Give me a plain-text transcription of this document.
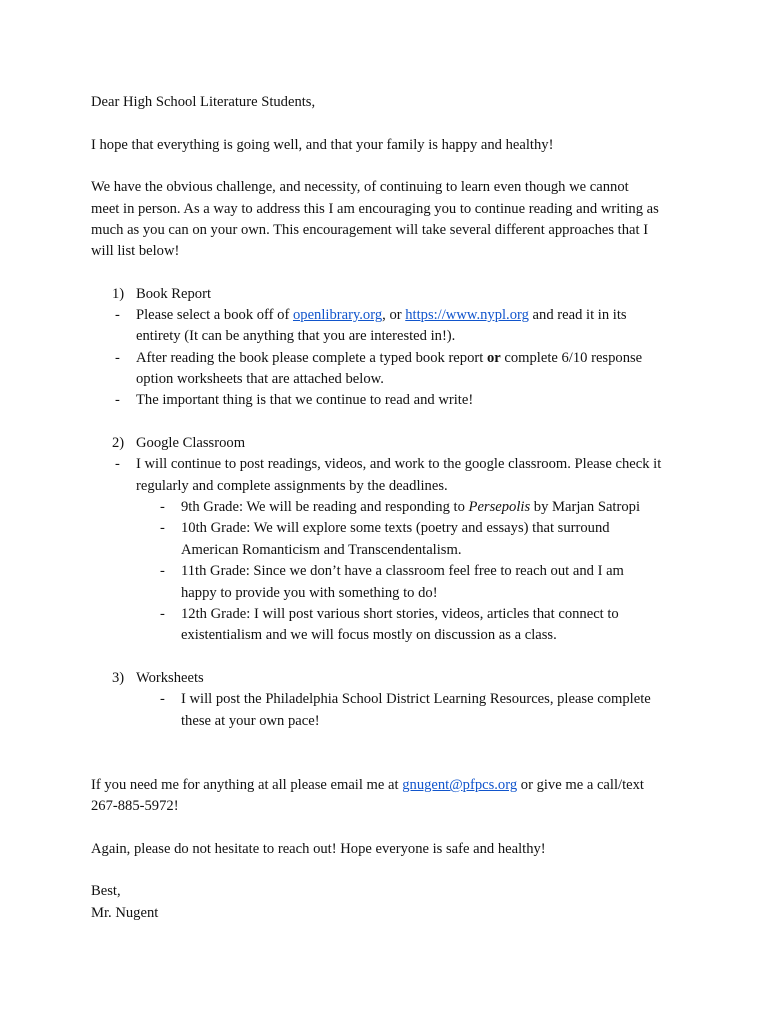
Dear High School Literature Students,
I hope that everything is going well, and that your family is happy and healthy!
We have the obvious challenge, and necessity, of continuing to learn even though we cannot
meet in person. As a way to address this I am encouraging you to continue reading and writing as
much as you can on your own. This encouragement will take several different approaches that I
will list below!
1) Book Report
- Please select a book off of openlibrary.org, or https://www.nypl.org and read it in its
entirety (It can be anything that you are interested in!).
- After reading the book please complete a typed book report or complete 6/10 response
option worksheets that are attached below.
- The important thing is that we continue to read and write!
2) Google Classroom
- I will continue to post readings, videos, and work to the google classroom. Please check it
regularly and complete assignments by the deadlines.
- 9th Grade: We will be reading and responding to Persepolis by Marjan Satropi
- 10th Grade: We will explore some texts (poetry and essays) that surround
American Romanticism and Transcendentalism.
- 11th Grade: Since we don’t have a classroom feel free to reach out and I am
happy to provide you with something to do!
- 12th Grade: I will post various short stories, videos, articles that connect to
existentialism and we will focus mostly on discussion as a class.
3) Worksheets
- I will post the Philadelphia School District Learning Resources, please complete
these at your own pace!
If you need me for anything at all please email me at gnugent@pfpcs.org or give me a call/text
267-885-5972!
Again, please do not hesitate to reach out! Hope everyone is safe and healthy!
Best,
Mr. Nugent
